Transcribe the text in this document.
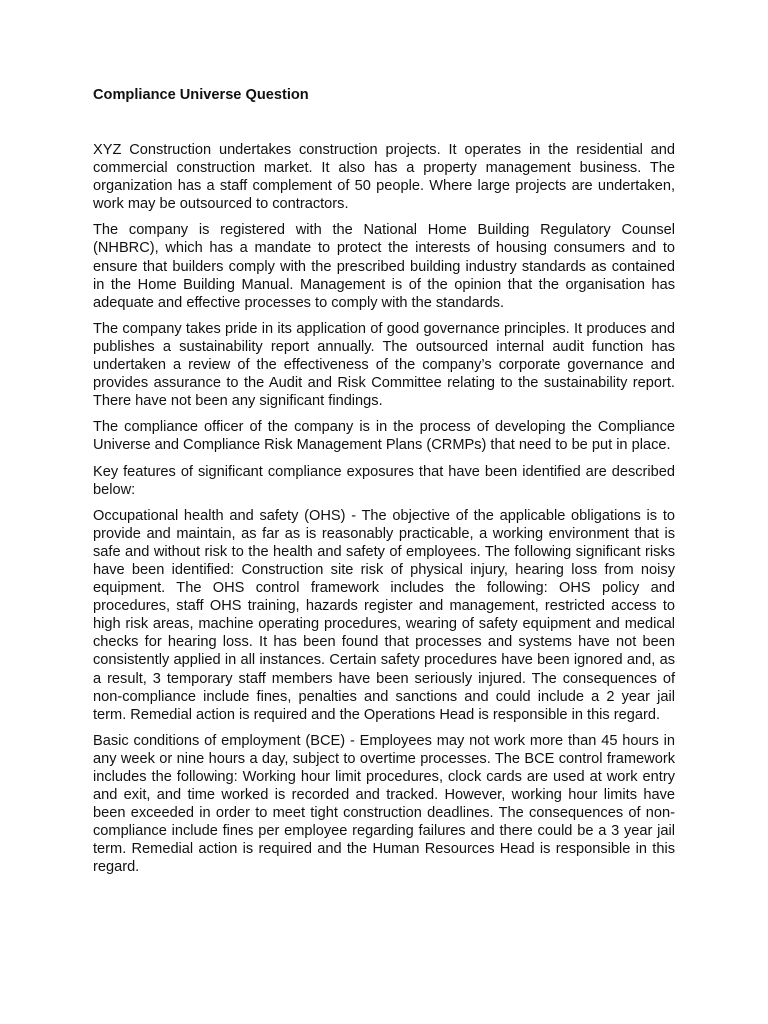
Compliance Universe Question

XYZ Construction undertakes construction projects. It operates in the residential and commercial construction market. It also has a property management business. The organization has a staff complement of 50 people. Where large projects are undertaken, work may be outsourced to contractors.

The company is registered with the National Home Building Regulatory Counsel (NHBRC), which has a mandate to protect the interests of housing consumers and to ensure that builders comply with the prescribed building industry standards as contained in the Home Building Manual. Management is of the opinion that the organisation has adequate and effective processes to comply with the standards.

The company takes pride in its application of good governance principles. It produces and publishes a sustainability report annually. The outsourced internal audit function has undertaken a review of the effectiveness of the company’s corporate governance and provides assurance to the Audit and Risk Committee relating to the sustainability report. There have not been any significant findings.

The compliance officer of the company is in the process of developing the Compliance Universe and Compliance Risk Management Plans (CRMPs) that need to be put in place.

Key features of significant compliance exposures that have been identified are described below:

Occupational health and safety (OHS) - The objective of the applicable obligations is to provide and maintain, as far as is reasonably practicable, a working environment that is safe and without risk to the health and safety of employees. The following significant risks have been identified: Construction site risk of physical injury, hearing loss from noisy equipment. The OHS control framework includes the following: OHS policy and procedures, staff OHS training, hazards register and management, restricted access to high risk areas, machine operating procedures, wearing of safety equipment and medical checks for hearing loss. It has been found that processes and systems have not been consistently applied in all instances. Certain safety procedures have been ignored and, as a result, 3 temporary staff members have been seriously injured. The consequences of non-compliance include fines, penalties and sanctions and could include a 2 year jail term. Remedial action is required and the Operations Head is responsible in this regard.

Basic conditions of employment (BCE) - Employees may not work more than 45 hours in any week or nine hours a day, subject to overtime processes. The BCE control framework includes the following: Working hour limit procedures, clock cards are used at work entry and exit, and time worked is recorded and tracked. However, working hour limits have been exceeded in order to meet tight construction deadlines. The consequences of non-compliance include fines per employee regarding failures and there could be a 3 year jail term. Remedial action is required and the Human Resources Head is responsible in this regard.
